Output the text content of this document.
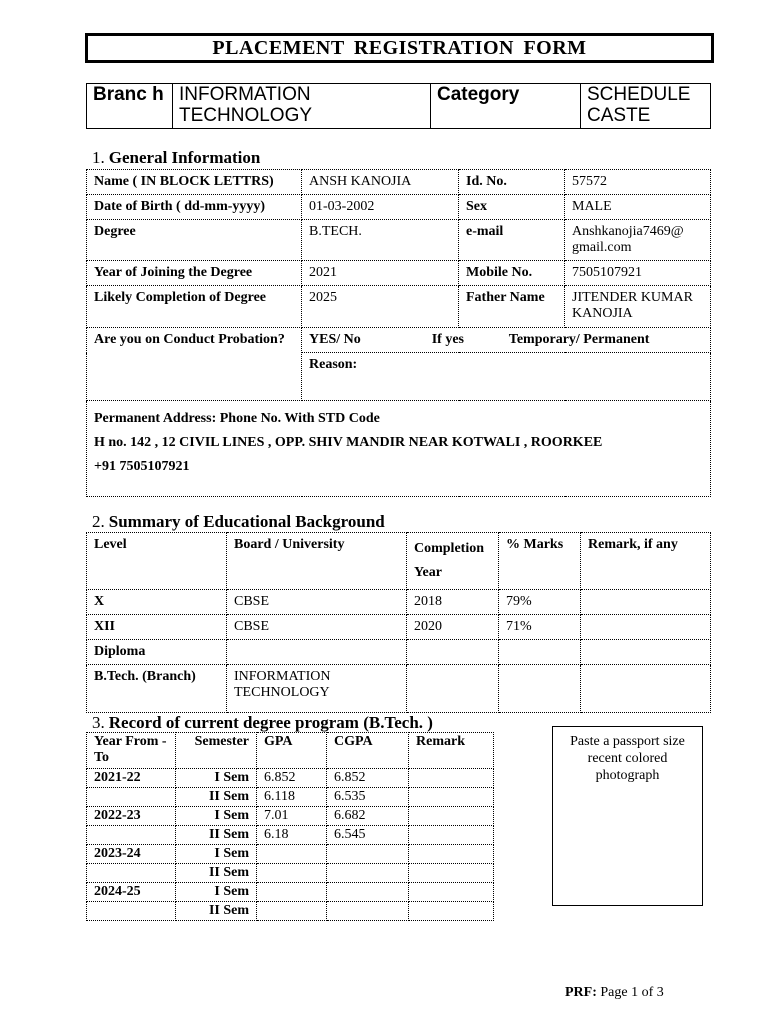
PLACEMENT REGISTRATION FORM
Branc h	INFORMATION TECHNOLOGY	Category	SCHEDULE CASTE
1. General Information
Name ( IN BLOCK LETTRS)	ANSH KANOJIA	Id. No.	57572
Date of Birth ( dd-mm-yyyy)	01-03-2002	Sex	MALE
Degree	B.TECH.	e-mail	Anshkanojia7469@ gmail.com
Year of Joining the Degree	2021	Mobile No.	7505107921
Likely Completion of Degree	2025	Father Name	JITENDER KUMAR KANOJIA
Are you on Conduct Probation?	YES/ No If yes Temporary/ Permanent		
	Reason:		

Permanent Address: Phone No. With STD Code
H no. 142 , 12 CIVIL LINES , OPP. SHIV MANDIR NEAR KOTWALI , ROORKEE
+91 7505107921			
2. Summary of Educational Background
Level	Board / University	Completion Year	% Marks	Remark, if any
X	CBSE	2018	79%	
XII	CBSE	2020	71%	
Diploma				
B.Tech. (Branch)	INFORMATION TECHNOLOGY			
3. Record of current degree program (B.Tech. )
Year From -To	Semester	GPA	CGPA	Remark
2021-22	I Sem	6.852	6.852	
	II Sem	6.118	6.535	
2022-23	I Sem	7.01	6.682	
	II Sem	6.18	6.545	
2023-24	I Sem			
	II Sem			
2024-25	I Sem			
	II Sem			
Paste a passport size recent colored photograph
PRF: Page 1 of 3
